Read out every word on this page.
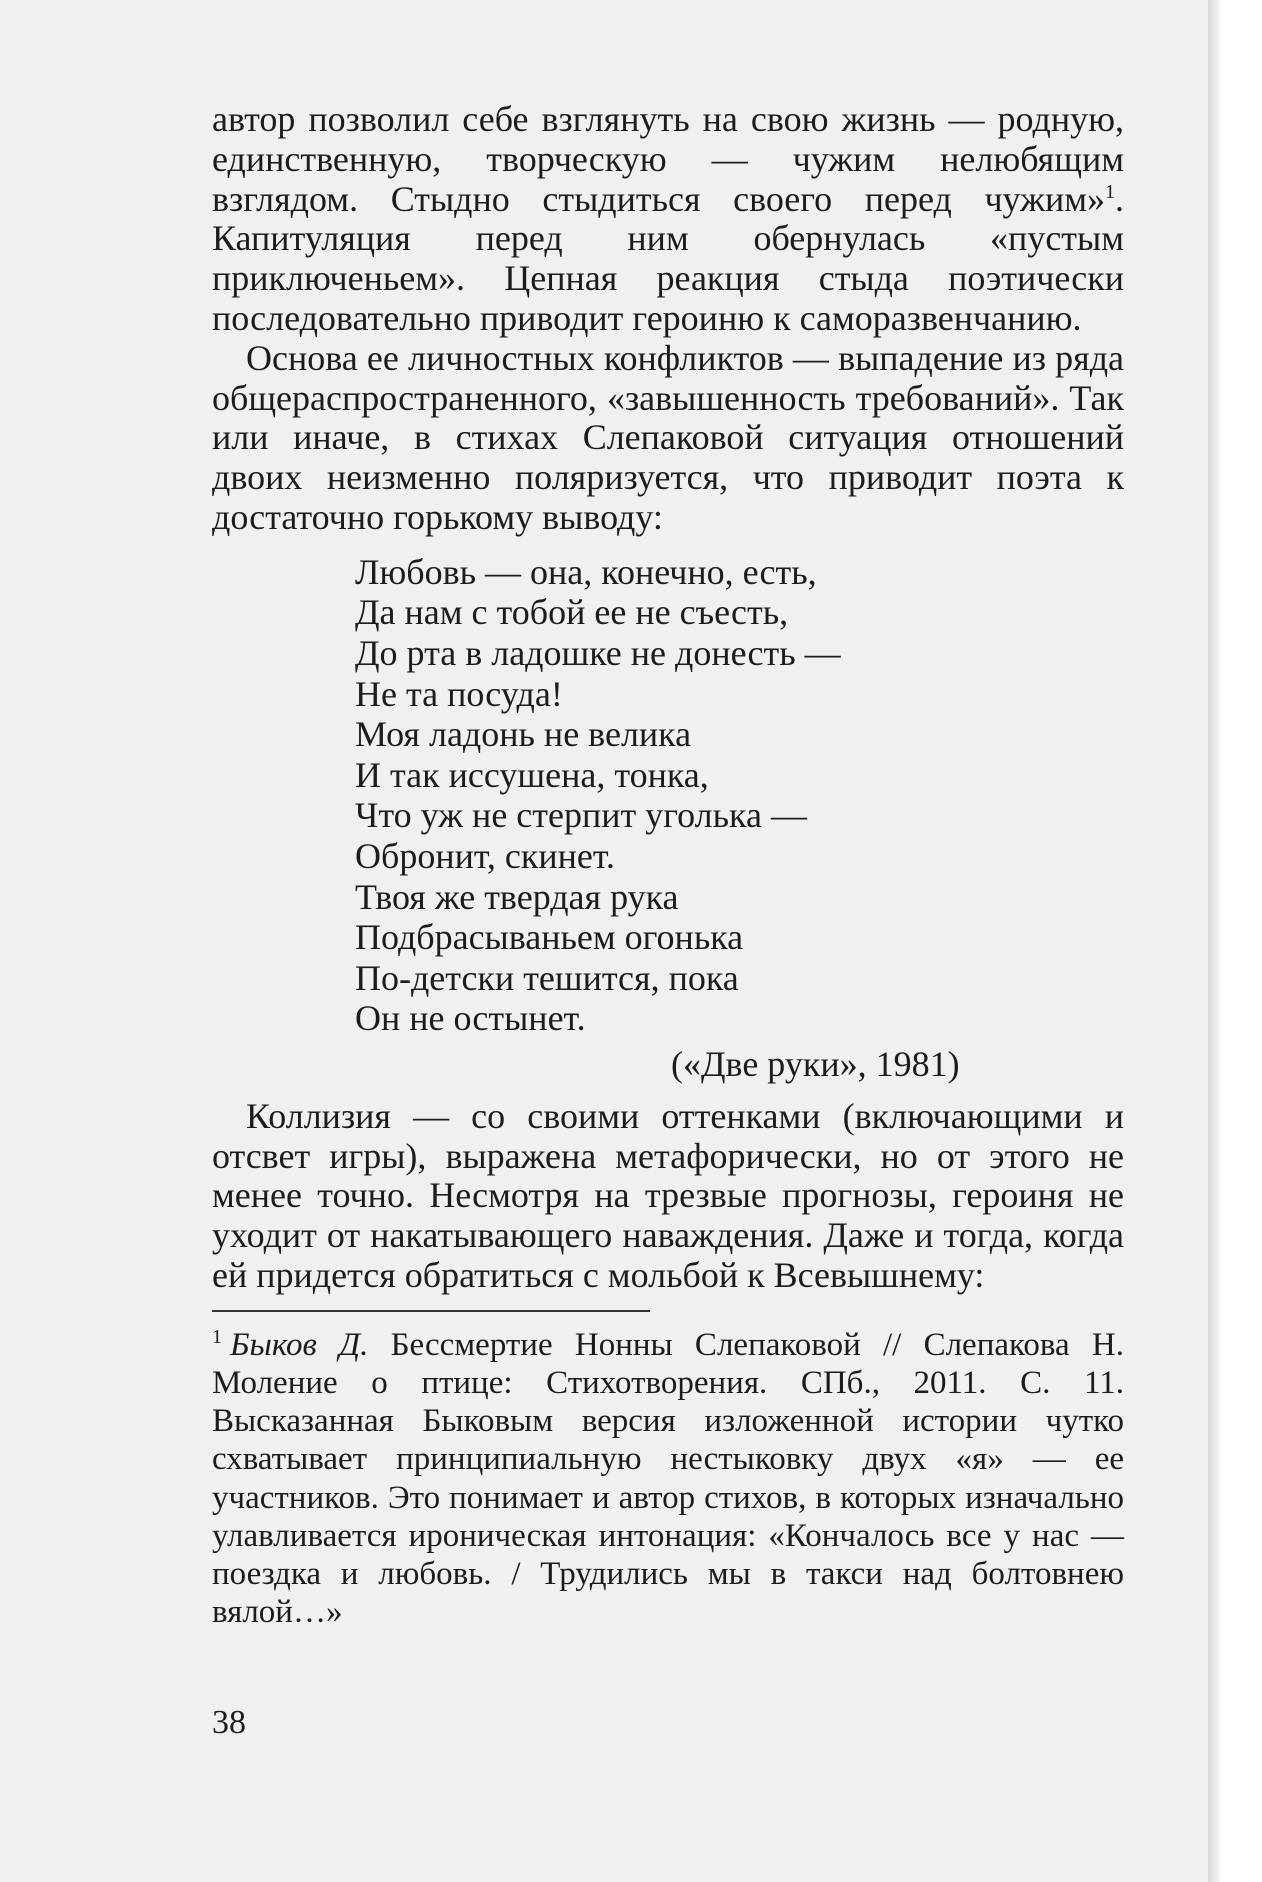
автор позволил себе взглянуть на свою жизнь — родную, единственную, творческую — чужим нелюбящим взглядом. Стыдно стыдиться своего перед чужим»$^1$. Капитуляция перед ним обернулась «пустым приключеньем». Цепная реакция стыда поэтически последовательно приводит героиню к саморазвенчанию.

Основа ее личностных конфликтов — выпадение из ряда общераспространенного, «завышенность требований». Так или иначе, в стихах Слепаковой ситуация отношений двоих неизменно поляризуется, что приводит поэта к достаточно горькому выводу:

Любовь — она, конечно, есть,
Да нам с тобой ее не съесть,
До рта в ладошке не донесть —
Не та посуда!
Моя ладонь не велика
И так иссушена, тонка,
Что уж не стерпит уголька —
Обронит, скинет.
Твоя же твердая рука
Подбрасываньем огонька
По-детски тешится, пока
Он не остынет.
(«Две руки», 1981)

Коллизия — со своими оттенками (включающими и отсвет игры), выражена метафорически, но от этого не менее точно. Несмотря на трезвые прогнозы, героиня не уходит от накатывающего наваждения. Даже и тогда, когда ей придется обратиться с мольбой к Всевышнему:

$^1$ Быков Д. Бессмертие Нонны Слепаковой // Слепакова Н. Моление о птице: Стихотворения. СПб., 2011. С. 11. Высказанная Быковым версия изложенной истории чутко схватывает принципиальную нестыковку двух «я» — ее участников. Это понимает и автор стихов, в которых изначально улавливается ироническая интонация: «Кончалось все у нас — поездка и любовь. / Трудились мы в такси над болтовнею вялой…»

38
